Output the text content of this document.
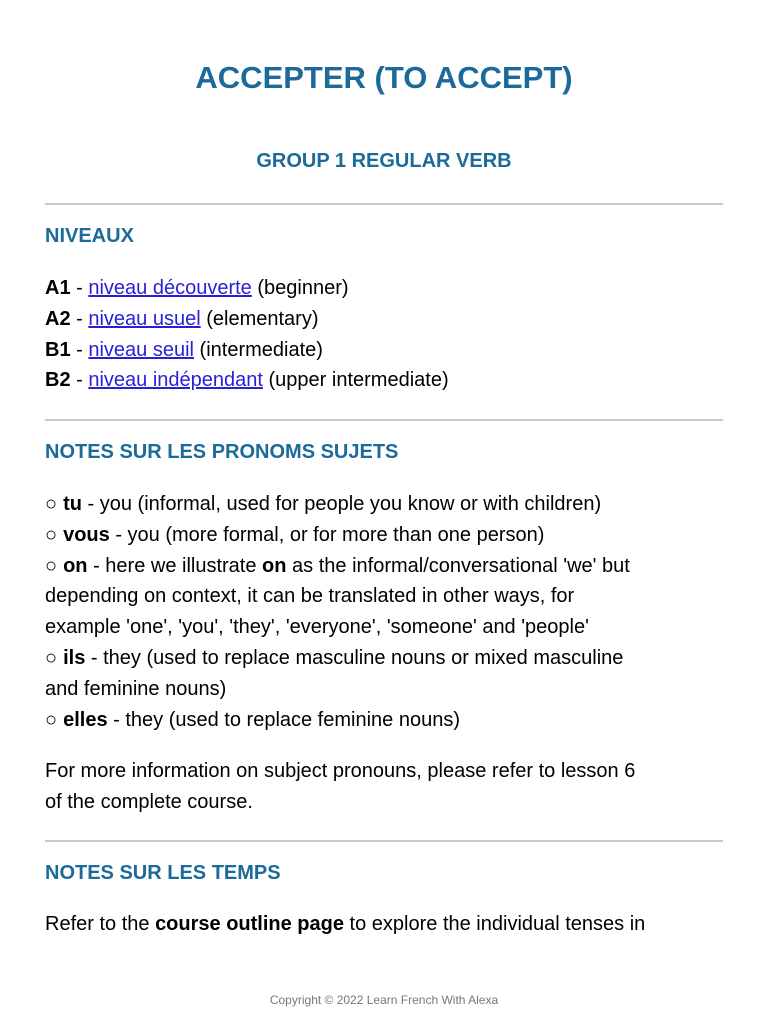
ACCEPTER (TO ACCEPT)
GROUP 1 REGULAR VERB
NIVEAUX
A1 - niveau découverte (beginner)
A2 - niveau usuel (elementary)
B1 - niveau seuil (intermediate)
B2 - niveau indépendant (upper intermediate)
NOTES SUR LES PRONOMS SUJETS
○ tu - you (informal, used for people you know or with children)
○ vous - you (more formal, or for more than one person)
○ on - here we illustrate on as the informal/conversational 'we' but
depending on context, it can be translated in other ways, for
example 'one', 'you', 'they', 'everyone', 'someone' and 'people'
○ ils - they (used to replace masculine nouns or mixed masculine
and feminine nouns)
○ elles - they (used to replace feminine nouns)
For more information on subject pronouns, please refer to lesson 6
of the complete course.
NOTES SUR LES TEMPS
Refer to the course outline page to explore the individual tenses in
Copyright © 2022 Learn French With Alexa
